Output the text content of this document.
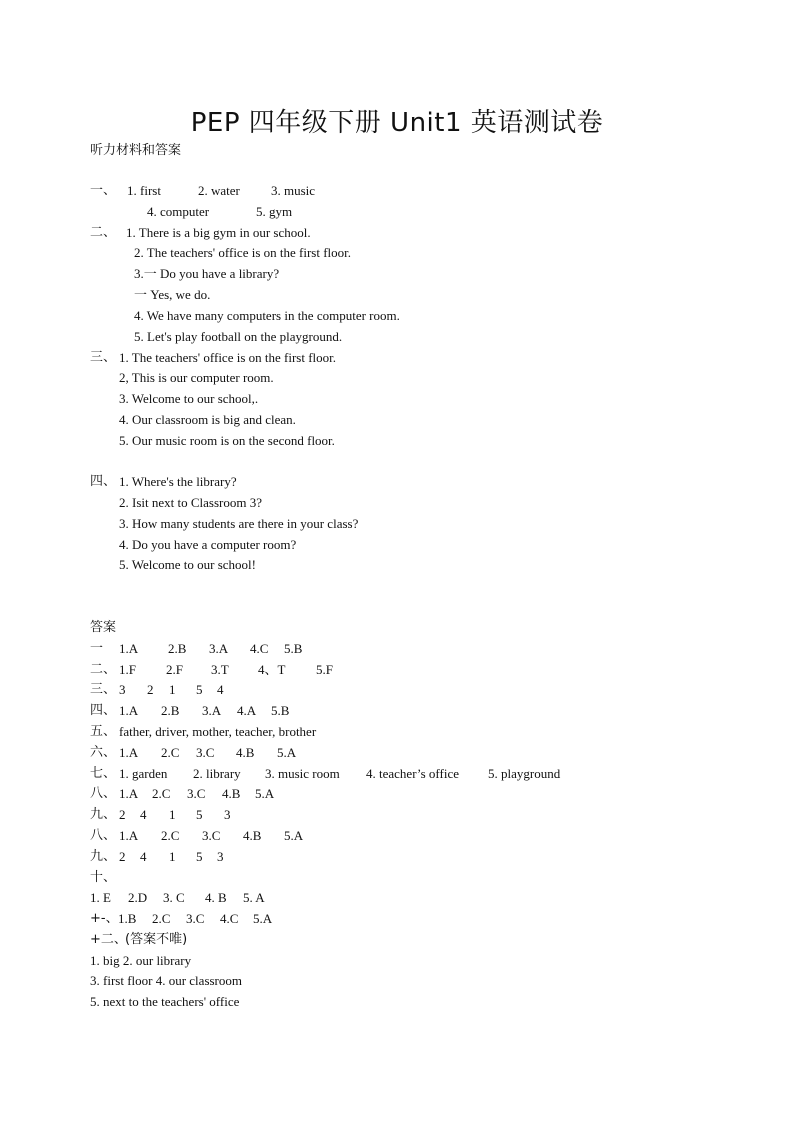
PEP 四年级下册 Unit1 英语测试卷
听力材料和答案
一、 1. first	2. water 3. music
4. computer	5. gym
二、 1. There is a big gym in our school.
2. The teachers' office is on the first floor.
3.一 Do you have a library?
一 Yes, we do.
4. We have many computers in the computer room.
5. Let's play football on the playground.
三、 1. The teachers' office is on the first floor.
2, This is our computer room.
3. Welcome to our school,.
4. Our classroom is big and clean.
5. Our music room is on the second floor.
四、 1. Where's the library?
2. Isit next to Classroom 3?
3. How many students are there in your class?
4. Do you have a computer room?
5. Welcome to our school!
答案
一 1.A 2.B 3.A 4.C 5.B
二、 1.F 2.F 3.T 4、T 5.F
三、 3 2 1 5 4
四、 1.A 2.B 3.A 4.A 5.B
五、 father, driver, mother, teacher, brother
六、 1.A 2.C 3.C 4.B 5.A
七、 1. garden 2. library 3. music room 4. teacher’s office 5. playground
八、 1.A 2.C 3.C 4.B 5.A
九、 2 4 1 5 3
八、 1.A 2.C 3.C 4.B 5.A
九、 2 4 1 5 3
十、
1. E 2.D 3. C 4. B 5. A
+-、 1.B 2.C 3.C 4.C 5.A
+二、
(答案不唯)
1. big 2. our library
3. first floor 4. our classroom
5. next to the teachers' office
